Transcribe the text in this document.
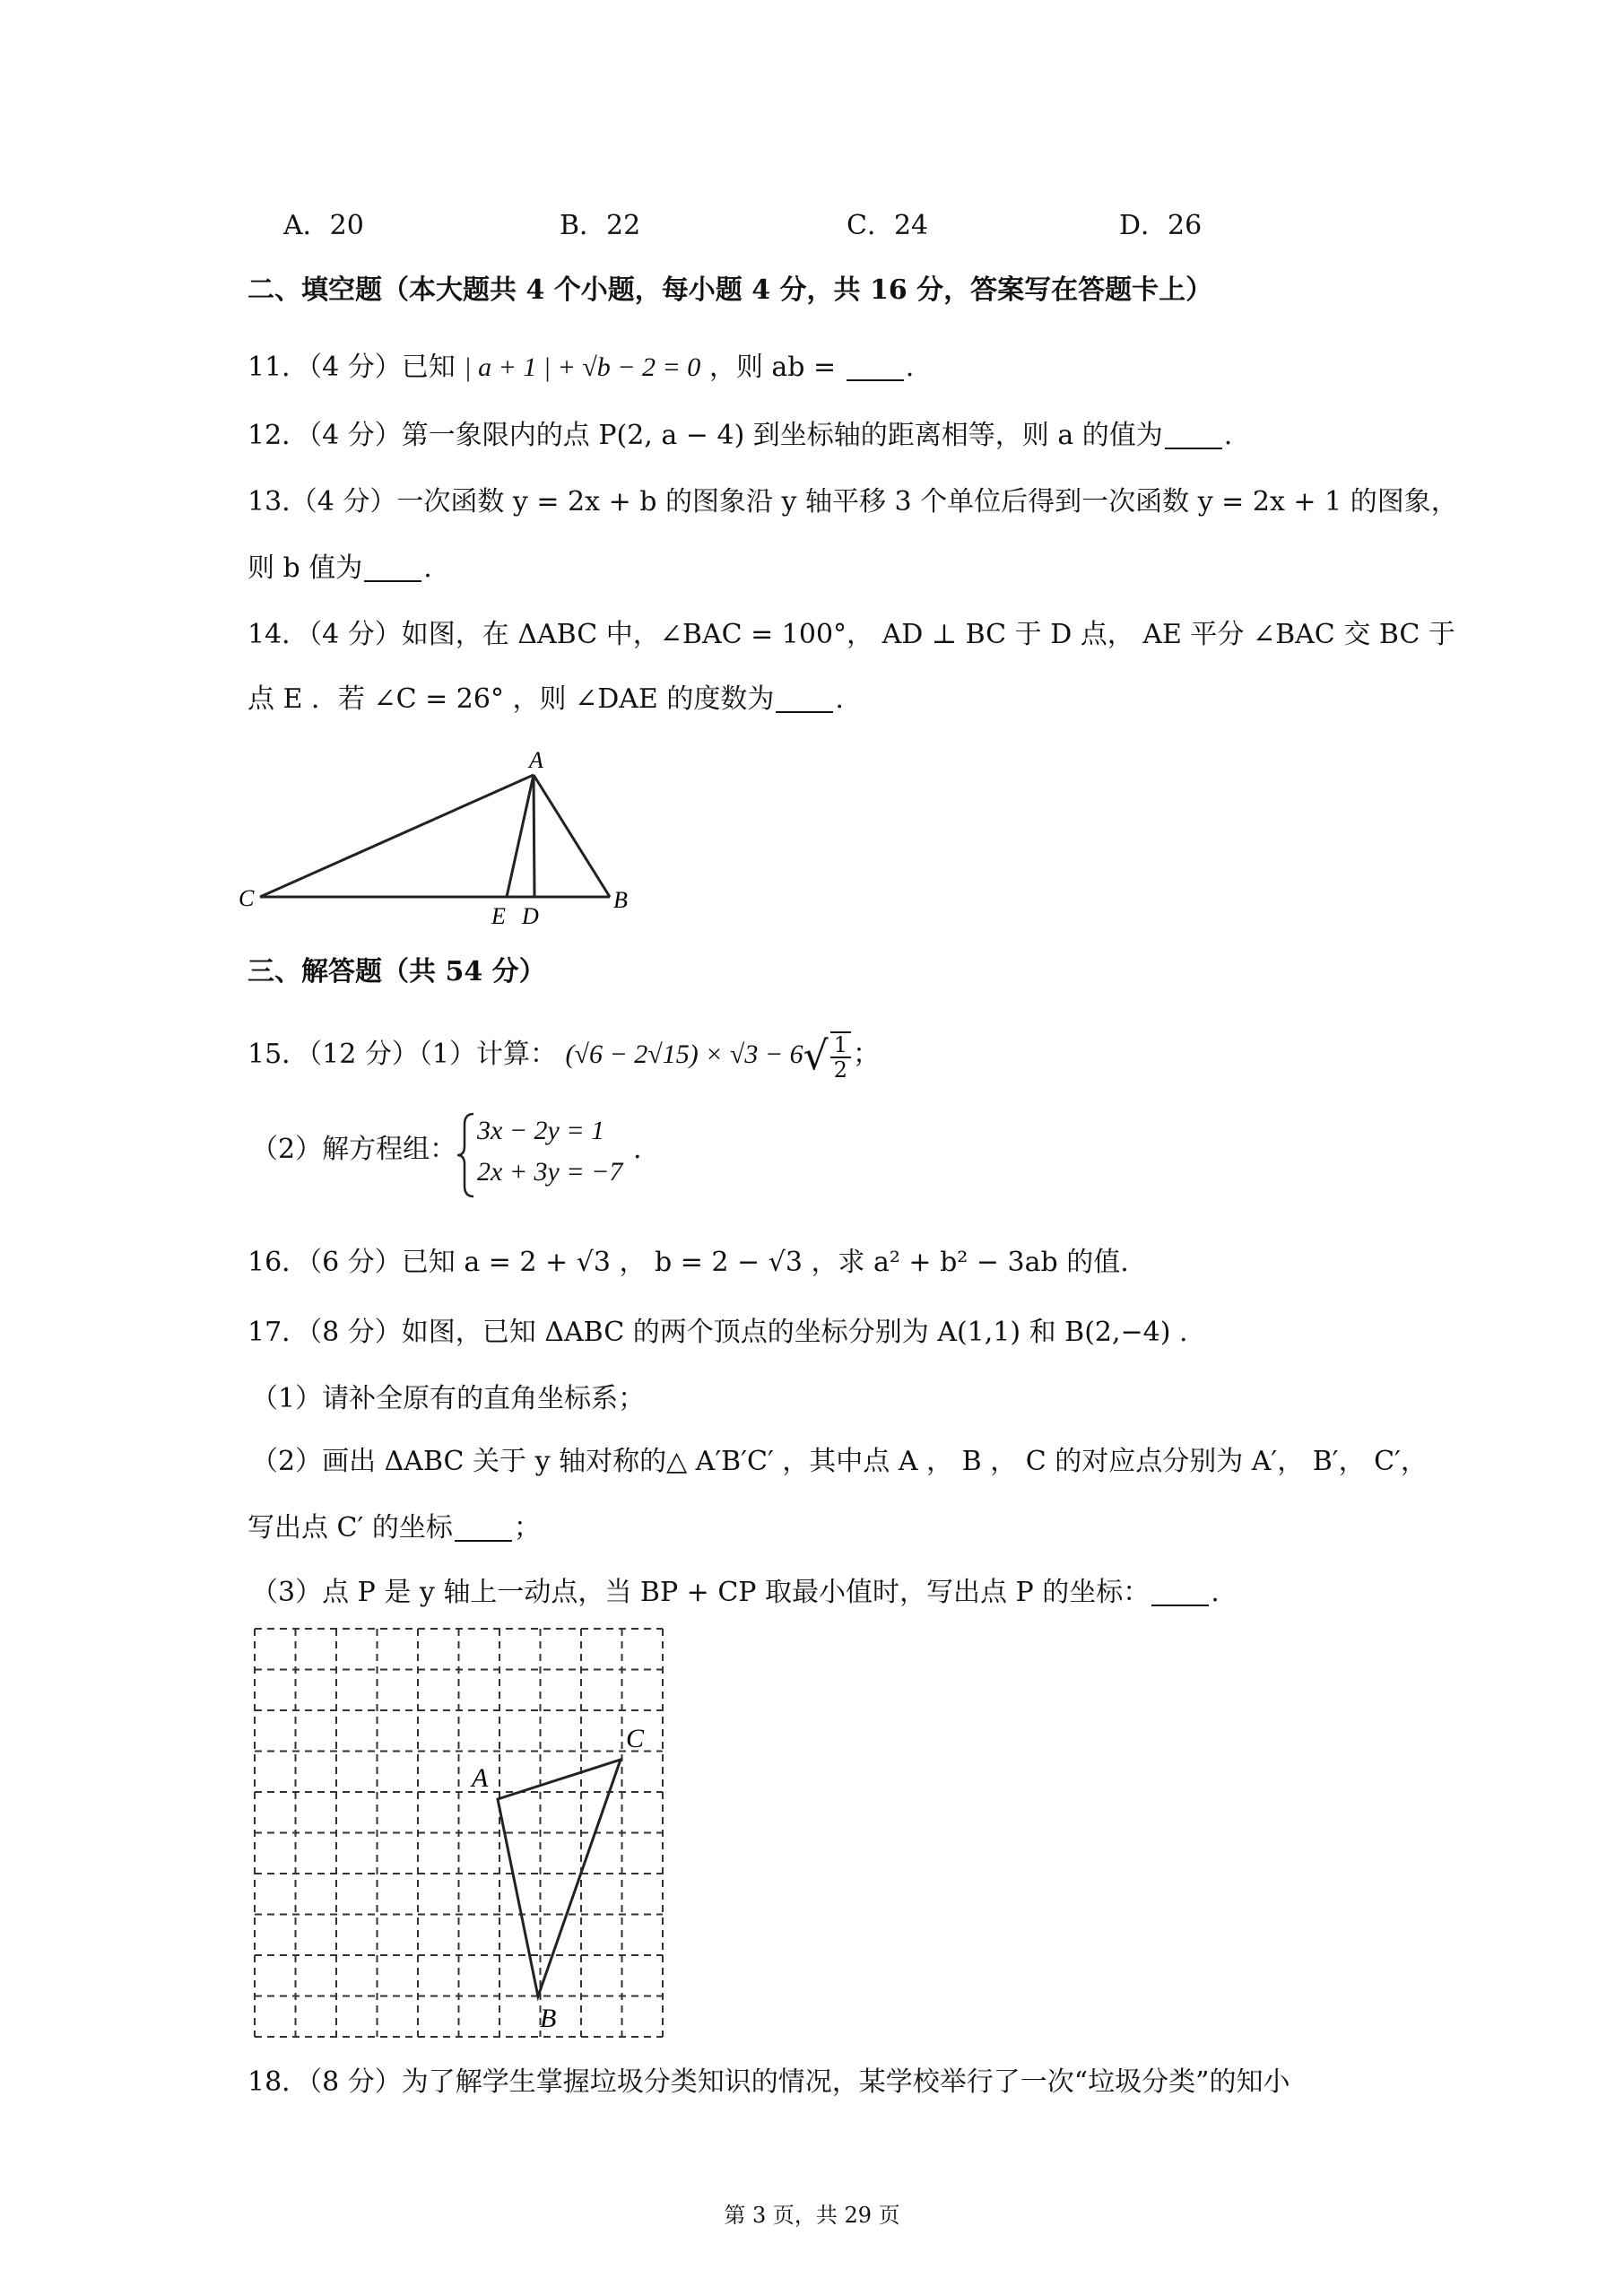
A．20	B．22	C．24	D．26
二、填空题（本大题共 4 个小题，每小题 4 分，共 16 分，答案写在答题卡上）
11．（4 分）已知 | a + 1 | + √b − 2 = 0 ，则 ab =	.
12．（4 分）第一象限内的点 P(2, a − 4) 到坐标轴的距离相等，则 a 的值为 .
13.（4 分）一次函数 y = 2x + b 的图象沿 y 轴平移 3 个单位后得到一次函数 y = 2x + 1 的图象，
则 b 值为 .
14．（4 分）如图，在 ΔABC 中，∠BAC = 100°， AD ⊥ BC 于 D 点， AE 平分 ∠BAC 交 BC 于
点 E ．若 ∠C = 26° ，则 ∠DAE 的度数为 .
A
C	B
E D
三、解答题（共 54 分）
15．（12 分）（1）计算： $(√6 - 2√15) \times √3 - 6√ \frac{1}{2}$ ；
（2）解方程组：
3x − 2y = 1
2x + 3y = −7
.
16．（6 分）已知 a = 2 + √3 ， b = 2 − √3 ，求 a² + b² − 3ab 的值.
17．（8 分）如图，已知 ΔABC 的两个顶点的坐标分别为 A(1,1) 和 B(2,−4) .
（1）请补全原有的直角坐标系；
（2）画出 ΔABC 关于 y 轴对称的△ A′B′C′ ，其中点 A ， B ， C 的对应点分别为 A′， B′， C′，
写出点 C′ 的坐标 ；
（3）点 P 是 y 轴上一动点，当 BP + CP 取最小值时，写出点 P 的坐标： .
A
C
B
18．（8 分）为了解学生掌握垃圾分类知识的情况，某学校举行了一次“垃圾分类”的知小
第 3 页，共 29 页
